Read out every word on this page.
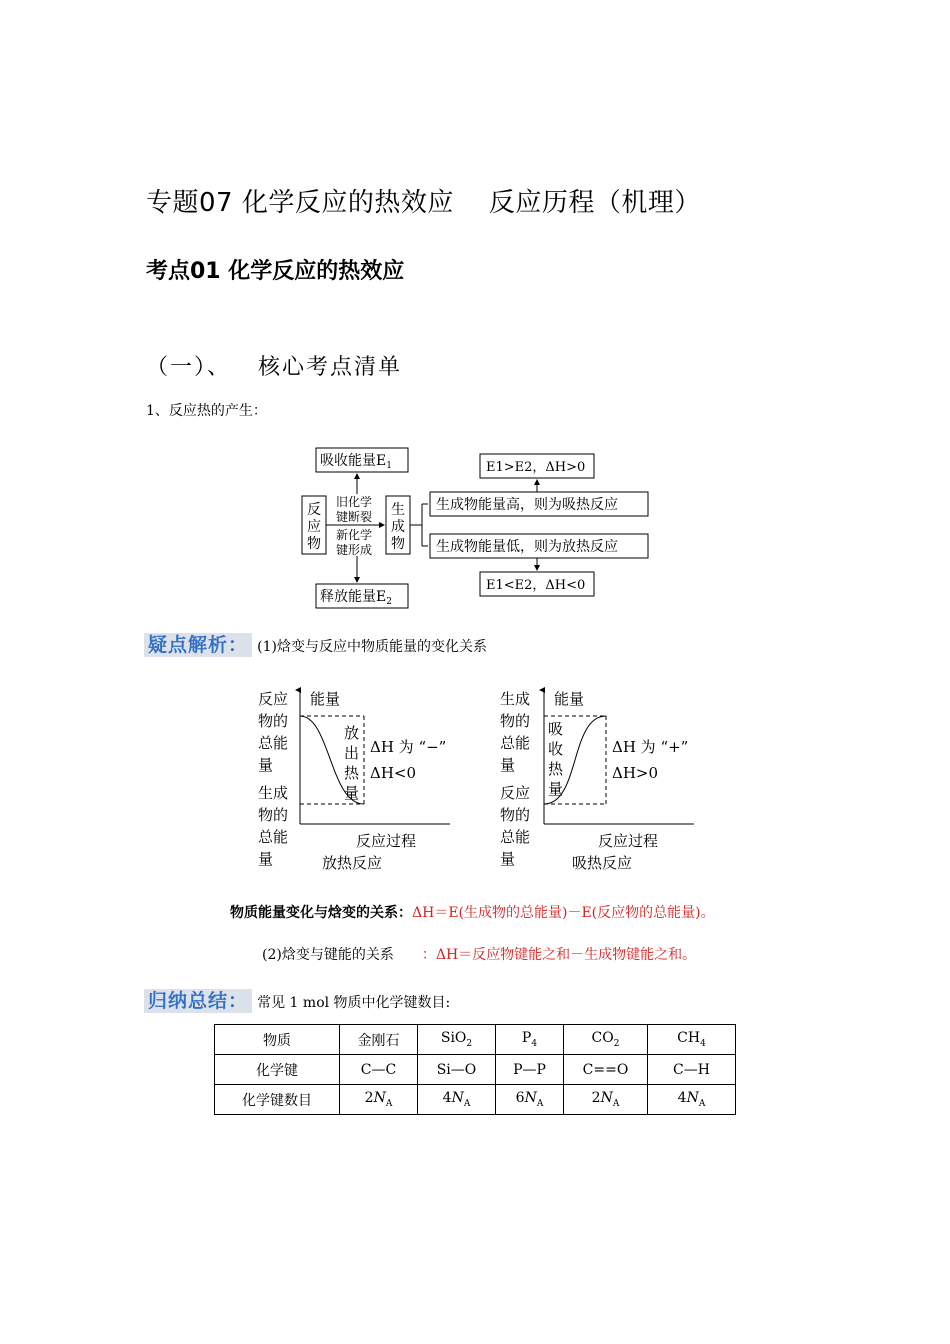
专题07 化学反应的热效应    反应历程（机理）
考点01 化学反应的热效应
（一）、   核心考点清单
1、反应热的产生：
吸收能量$E_1$
释放能量$E_2$
反
应
物
生
成
物
旧化学
键断裂
新化学
键形成
E1>E2，ΔH>0
E1<E2，ΔH<0
生成物能量高，则为吸热反应
生成物能量低，则为放热反应
疑点解析： (1)焓变与反应中物质能量的变化关系
能量
反应
物的
总能
量
生成
物的
总能
量
放
出
热
量
ΔH 为 “−”
ΔH<0
反应过程
放热反应
能量
生成
物的
总能
量
反应
物的
总能
量
吸
收
热
量
ΔH 为 “+”
ΔH>0
反应过程
吸热反应
物质能量变化与焓变的关系：ΔH＝E(生成物的总能量)－E(反应物的总能量)。
(2)焓变与键能的关系 ：ΔH＝反应物键能之和－生成物键能之和。
归纳总结： 常见 1 mol 物质中化学键数目:
物质	金刚石	SiO$_2$	$P_4$	$CO_2$	$CH_4$
化学键	C—C	Si—O	P—P	C==O	C—H
化学键数目	$2N_A$	$4N_A$	$6N_A$	$2N_A$	$4N_A$
